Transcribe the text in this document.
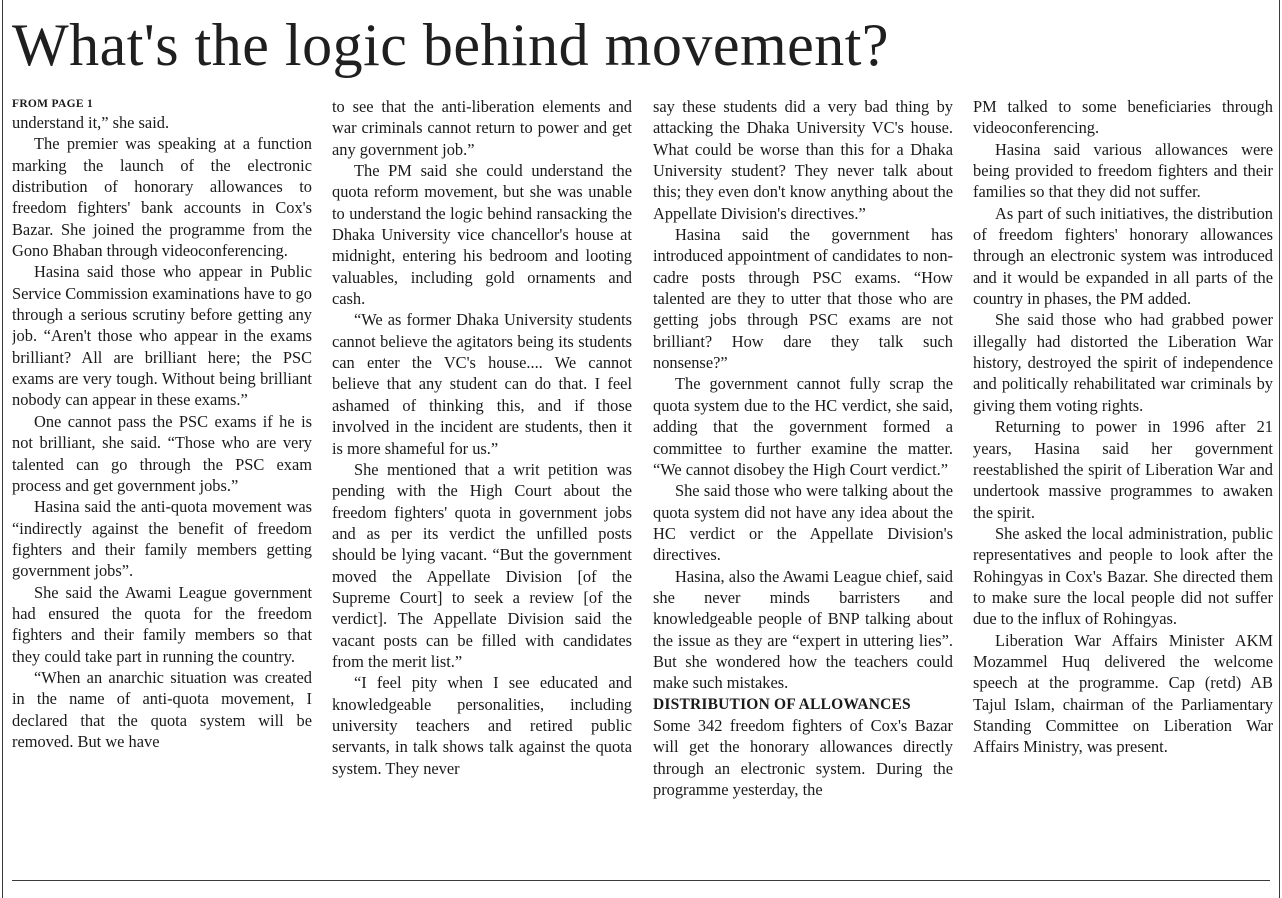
What's the logic behind movement?
FROM PAGE 1

understand it,” she said.

The premier was speaking at a function marking the launch of the electronic distribution of honorary allowances to freedom fighters' bank accounts in Cox's Bazar. She joined the programme from the Gono Bhaban through videoconferencing.

Hasina said those who appear in Public Service Commission examinations have to go through a serious scrutiny before getting any job. “Aren't those who appear in the exams brilliant? All are brilliant here; the PSC exams are very tough. Without being brilliant nobody can appear in these exams.”

One cannot pass the PSC exams if he is not brilliant, she said. “Those who are very talented can go through the PSC exam process and get government jobs.”

Hasina said the anti-quota movement was “indirectly against the benefit of freedom fighters and their family members getting government jobs”.

She said the Awami League government had ensured the quota for the freedom fighters and their family members so that they could take part in running the country.

“When an anarchic situation was created in the name of anti-quota movement, I declared that the quota system will be removed. But we have

to see that the anti-liberation elements and war criminals cannot return to power and get any government job.”

The PM said she could understand the quota reform movement, but she was unable to understand the logic behind ransacking the Dhaka University vice chancellor's house at midnight, entering his bedroom and looting valuables, including gold ornaments and cash.

“We as former Dhaka University students cannot believe the agitators being its students can enter the VC's house.... We cannot believe that any student can do that. I feel ashamed of thinking this, and if those involved in the incident are students, then it is more shameful for us.”

She mentioned that a writ petition was pending with the High Court about the freedom fighters' quota in government jobs and as per its verdict the unfilled posts should be lying vacant. “But the government moved the Appellate Division [of the Supreme Court] to seek a review [of the verdict]. The Appellate Division said the vacant posts can be filled with candidates from the merit list.”

“I feel pity when I see educated and knowledgeable personalities, including university teachers and retired public servants, in talk shows talk against the quota system. They never

say these students did a very bad thing by attacking the Dhaka University VC's house. What could be worse than this for a Dhaka University student? They never talk about this; they even don't know anything about the Appellate Division's directives.”

Hasina said the government has introduced appointment of candidates to non-cadre posts through PSC exams. “How talented are they to utter that those who are getting jobs through PSC exams are not brilliant? How dare they talk such nonsense?”

The government cannot fully scrap the quota system due to the HC verdict, she said, adding that the government formed a committee to further examine the matter. “We cannot disobey the High Court verdict.”

She said those who were talking about the quota system did not have any idea about the HC verdict or the Appellate Division's directives.

Hasina, also the Awami League chief, said she never minds barristers and knowledgeable people of BNP talking about the issue as they are “expert in uttering lies”. But she wondered how the teachers could make such mistakes.

DISTRIBUTION OF ALLOWANCES

Some 342 freedom fighters of Cox's Bazar will get the honorary allowances directly through an electronic system. During the programme yesterday, the

PM talked to some beneficiaries through videoconferencing.

Hasina said various allowances were being provided to freedom fighters and their families so that they did not suffer.

As part of such initiatives, the distribution of freedom fighters' honorary allowances through an electronic system was introduced and it would be expanded in all parts of the country in phases, the PM added.

She said those who had grabbed power illegally had distorted the Liberation War history, destroyed the spirit of independence and politically rehabilitated war criminals by giving them voting rights.

Returning to power in 1996 after 21 years, Hasina said her government reestablished the spirit of Liberation War and undertook massive programmes to awaken the spirit.

She asked the local administration, public representatives and people to look after the Rohingyas in Cox's Bazar. She directed them to make sure the local people did not suffer due to the influx of Rohingyas.

Liberation War Affairs Minister AKM Mozammel Huq delivered the welcome speech at the programme. Cap (retd) AB Tajul Islam, chairman of the Parliamentary Standing Committee on Liberation War Affairs Ministry, was present.
